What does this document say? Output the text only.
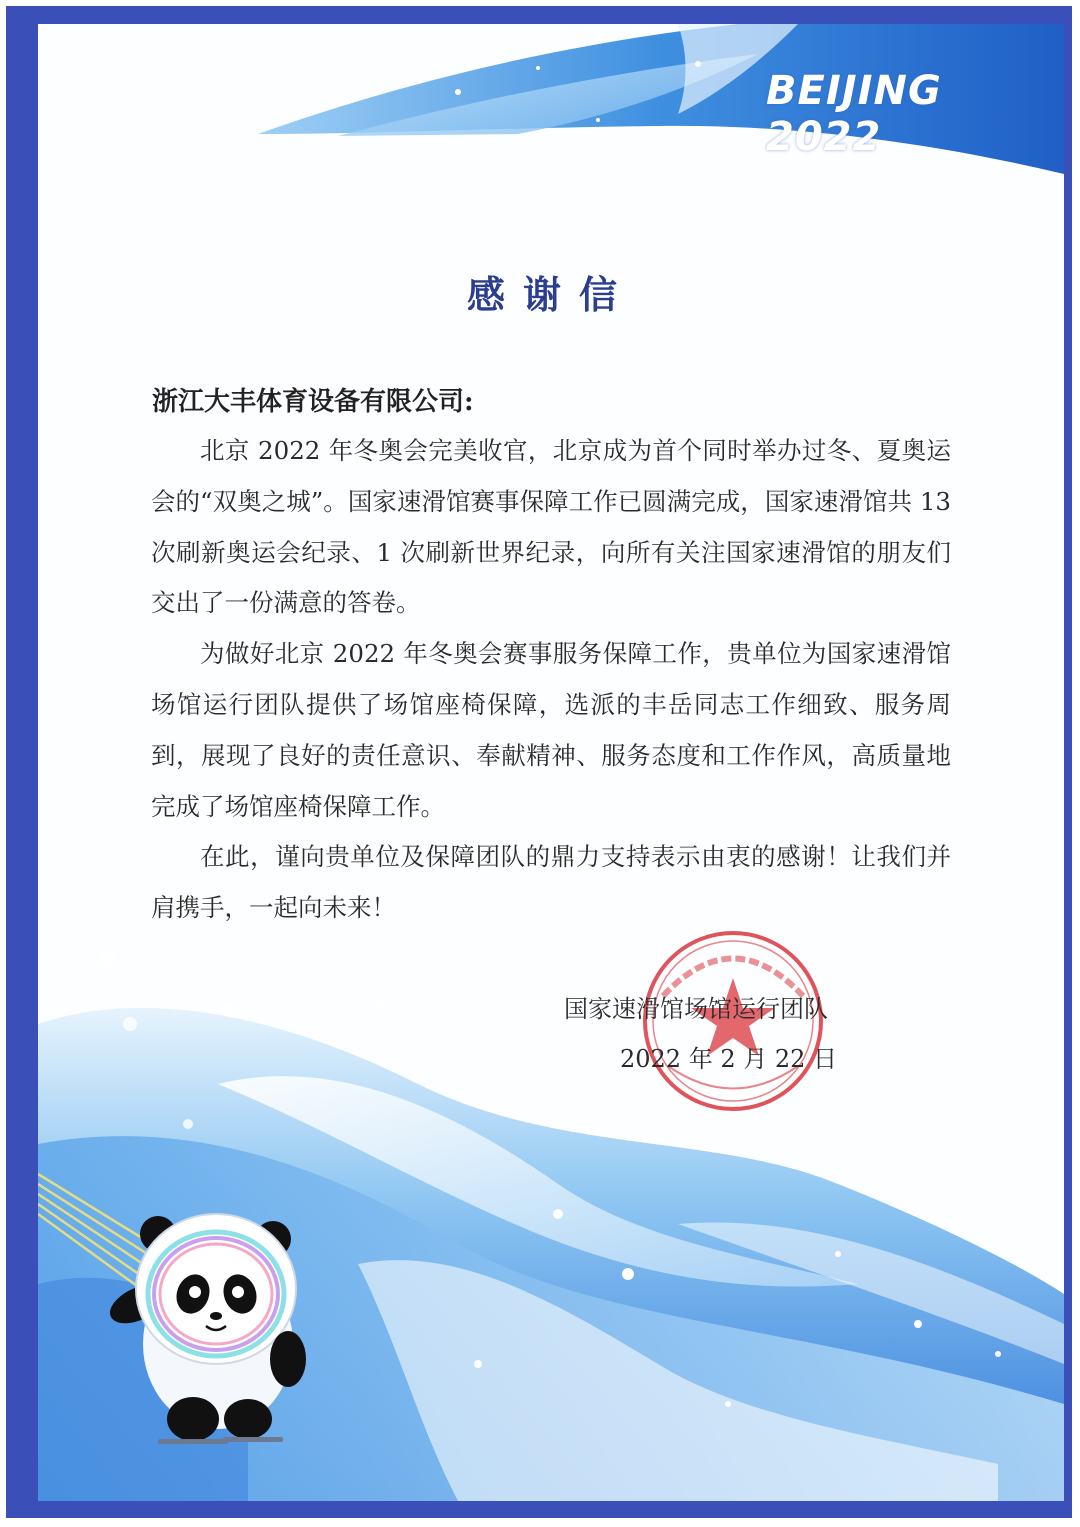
BEIJING 2022
感谢信
浙江大丰体育设备有限公司:

北京 2022 年冬奥会完美收官，北京成为首个同时举办过冬、夏奥运会的“双奥之城”。国家速滑馆赛事保障工作已圆满完成，国家速滑馆共 13 次刷新奥运会纪录、1 次刷新世界纪录，向所有关注国家速滑馆的朋友们交出了一份满意的答卷。

为做好北京 2022 年冬奥会赛事服务保障工作，贵单位为国家速滑馆场馆运行团队提供了场馆座椅保障，选派的丰岳同志工作细致、服务周到，展现了良好的责任意识、奉献精神、服务态度和工作作风，高质量地完成了场馆座椅保障工作。

在此，谨向贵单位及保障团队的鼎力支持表示由衷的感谢！让我们并肩携手，一起向未来！

国家速滑馆场馆运行团队
2022 年 2 月 22 日
